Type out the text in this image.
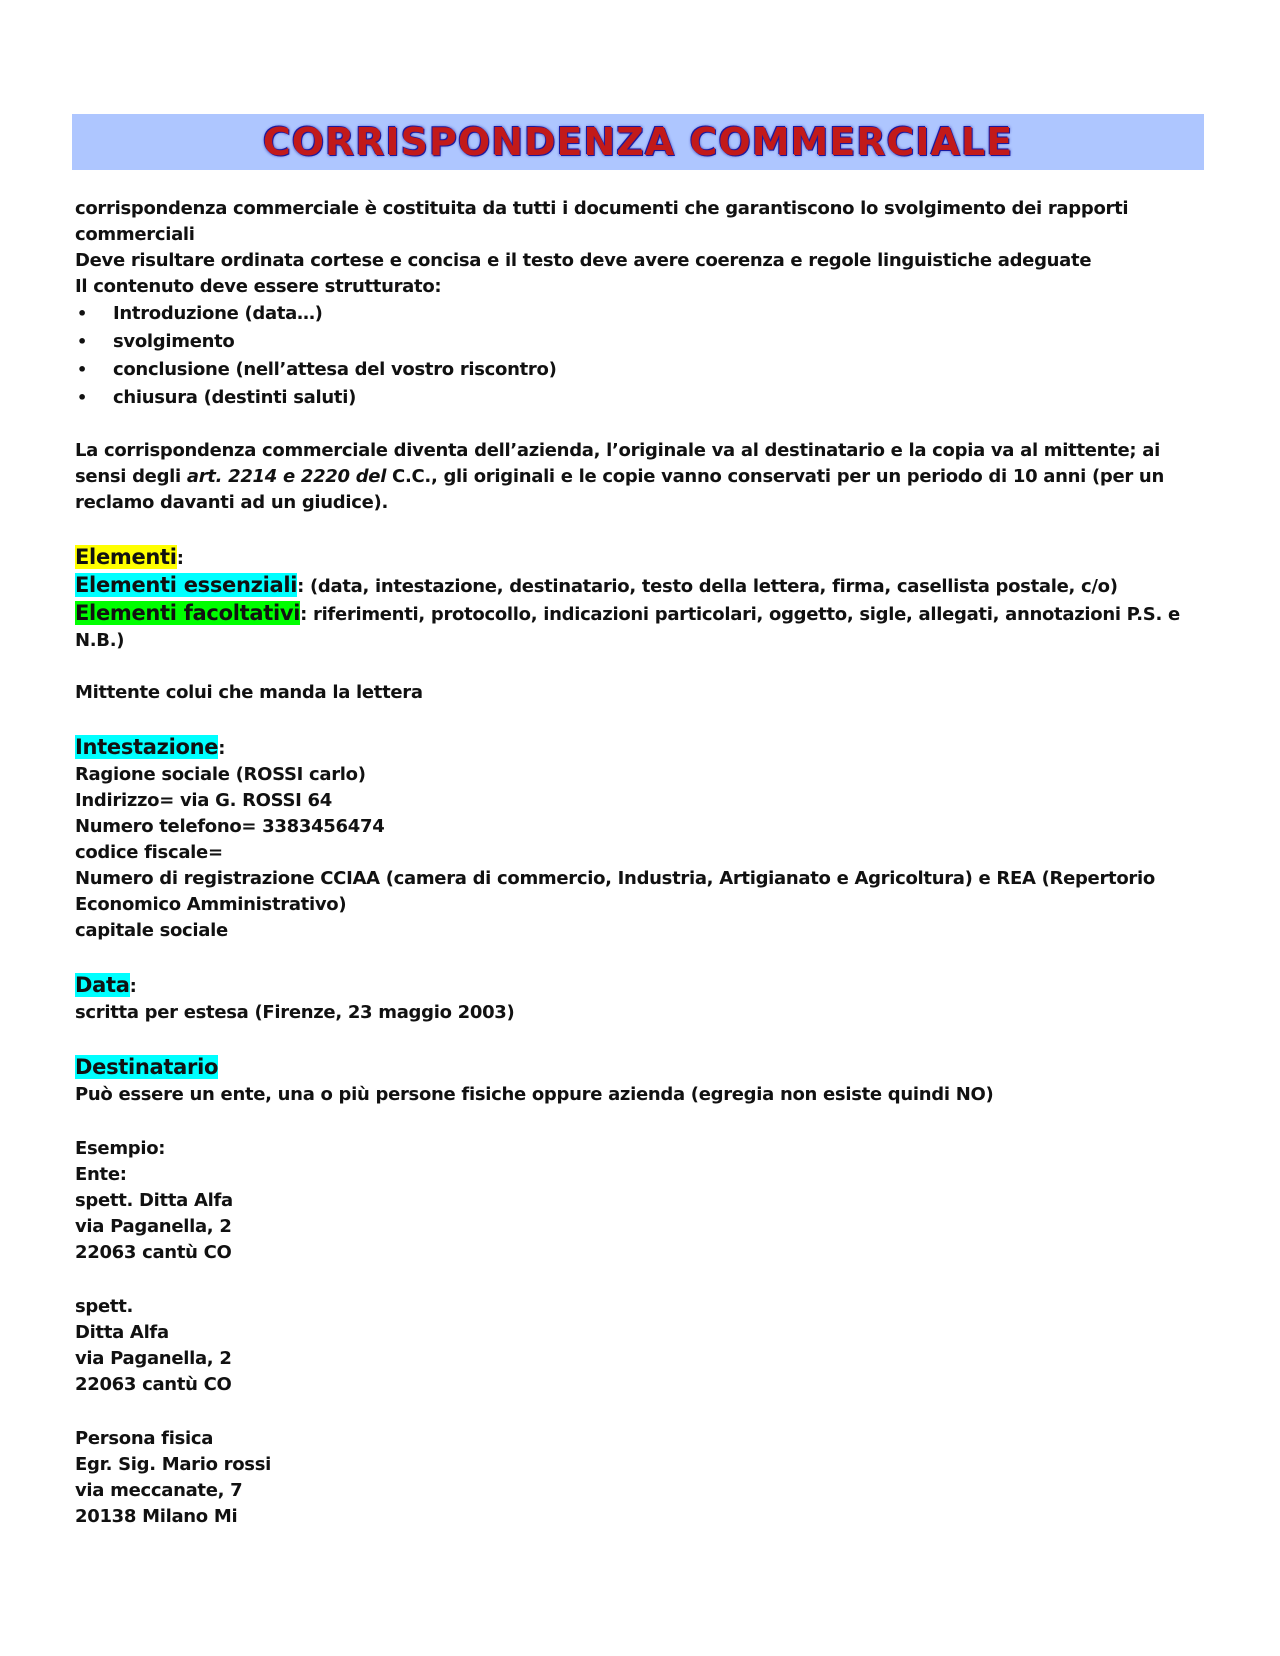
CORRISPONDENZA COMMERCIALE

corrispondenza commerciale è costituita da tutti i documenti che garantiscono lo svolgimento dei rapporti commerciali

Deve risultare ordinata cortese e concisa e il testo deve avere coerenza e regole linguistiche adeguate

Il contenuto deve essere strutturato:

• Introduzione (data…)
• svolgimento
• conclusione (nell’attesa del vostro riscontro)
• chiusura (destinti saluti)

La corrispondenza commerciale diventa dell’azienda, l’originale va al destinatario e la copia va al mittente; ai sensi degli art. 2214 e 2220 del C.C., gli originali e le copie vanno conservati per un periodo di 10 anni (per un reclamo davanti ad un giudice).

Elementi:

Elementi essenziali: (data, intestazione, destinatario, testo della lettera, firma, casellista postale, c/o)

Elementi facoltativi: riferimenti, protocollo, indicazioni particolari, oggetto, sigle, allegati, annotazioni P.S. e N.B.)

Mittente colui che manda la lettera

Intestazione:

Ragione sociale (ROSSI carlo)

Indirizzo= via G. ROSSI 64

Numero telefono= 3383456474

codice fiscale=

Numero di registrazione CCIAA (camera di commercio, Industria, Artigianato e Agricoltura) e REA (Repertorio Economico Amministrativo)

capitale sociale

Data:

scritta per estesa (Firenze, 23 maggio 2003)

Destinatario

Può essere un ente, una o più persone fisiche oppure azienda (egregia non esiste quindi NO)

Esempio:

Ente:

spett. Ditta Alfa

via Paganella, 2

22063 cantù CO

spett.

Ditta Alfa

via Paganella, 2

22063 cantù CO

Persona fisica

Egr. Sig. Mario rossi

via meccanate, 7

20138 Milano Mi
